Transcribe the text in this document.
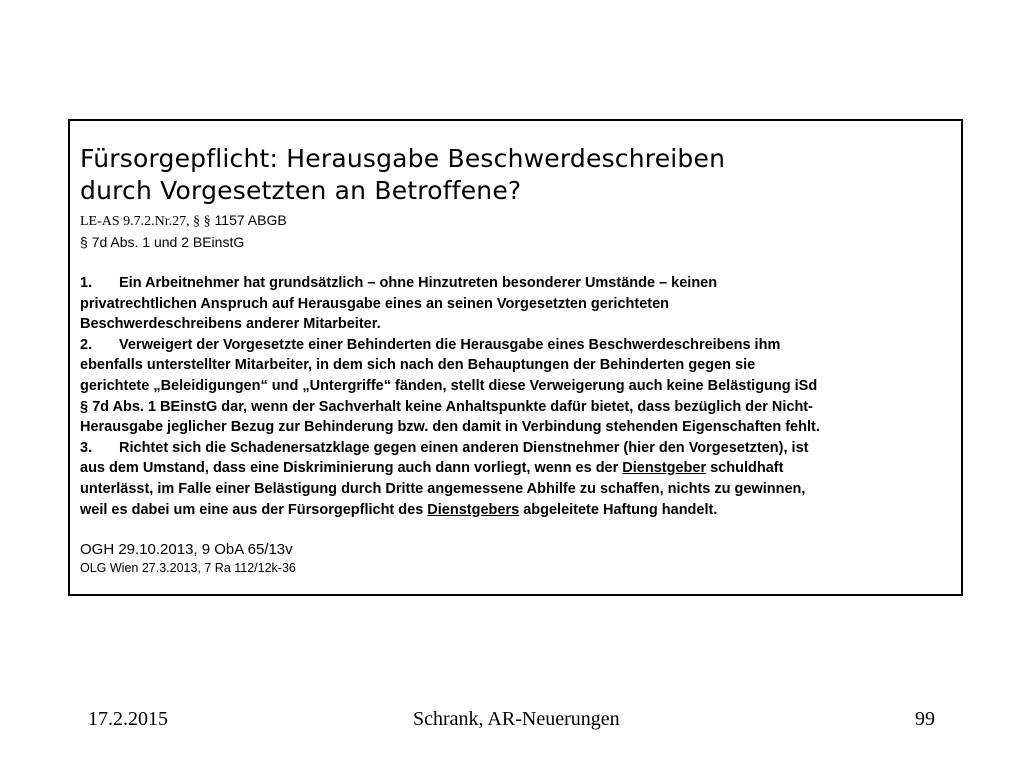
Fürsorgepflicht: Herausgabe Beschwerdeschreiben
durch Vorgesetzten an Betroffene?
LE-AS 9.7.2.Nr.27, § § 1157 ABGB
§ 7d Abs. 1 und 2 BEinstG
1. Ein Arbeitnehmer hat grundsätzlich – ohne Hinzutreten besonderer Umstände – keinen
privatrechtlichen Anspruch auf Herausgabe eines an seinen Vorgesetzten gerichteten
Beschwerdeschreibens anderer Mitarbeiter.
2. Verweigert der Vorgesetzte einer Behinderten die Herausgabe eines Beschwerdeschreibens ihm
ebenfalls unterstellter Mitarbeiter, in dem sich nach den Behauptungen der Behinderten gegen sie
gerichtete „Beleidigungen“ und „Untergriffe“ fänden, stellt diese Verweigerung auch keine Belästigung iSd
§ 7d Abs. 1 BEinstG dar, wenn der Sachverhalt keine Anhaltspunkte dafür bietet, dass bezüglich der Nicht-
Herausgabe jeglicher Bezug zur Behinderung bzw. den damit in Verbindung stehenden Eigenschaften fehlt.
3. Richtet sich die Schadenersatzklage gegen einen anderen Dienstnehmer (hier den Vorgesetzten), ist
aus dem Umstand, dass eine Diskriminierung auch dann vorliegt, wenn es der Dienstgeber schuldhaft
unterlässt, im Falle einer Belästigung durch Dritte angemessene Abhilfe zu schaffen, nichts zu gewinnen,
weil es dabei um eine aus der Fürsorgepflicht des Dienstgebers abgeleitete Haftung handelt.
OGH 29.10.2013, 9 ObA 65/13v
OLG Wien 27.3.2013, 7 Ra 112/12k-36
17.2.2015	Schrank, AR-Neuerungen	99
